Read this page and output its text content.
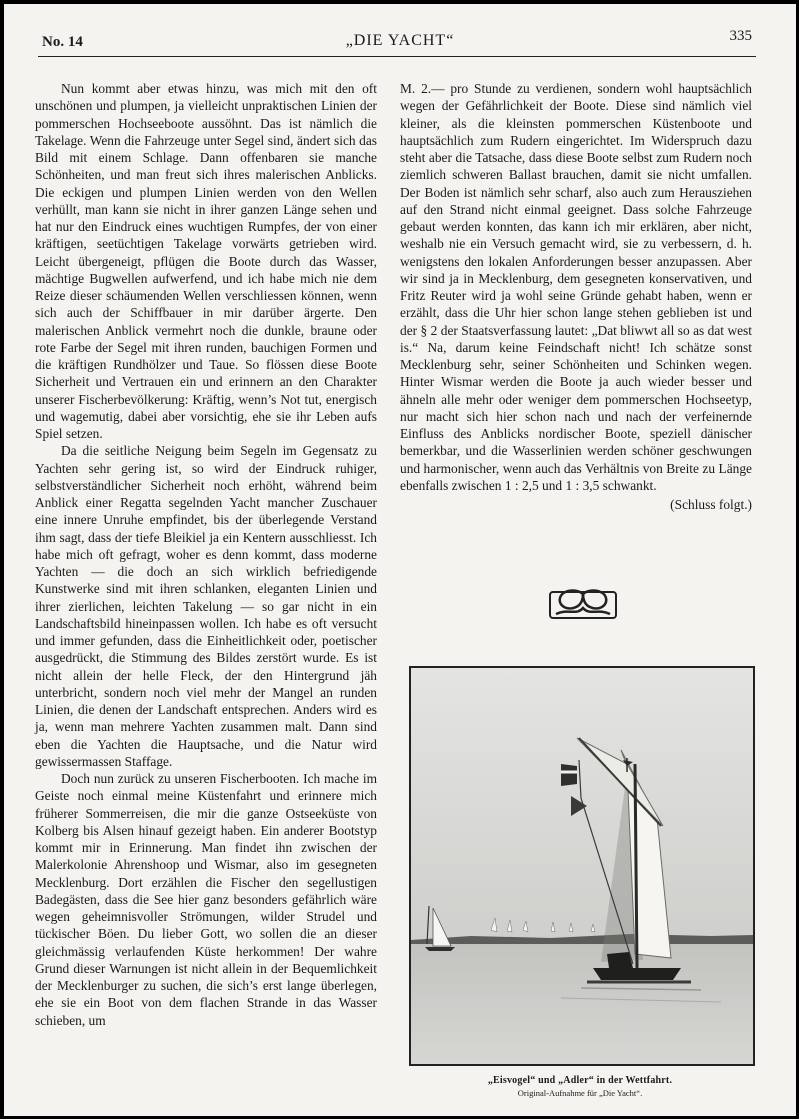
No. 14	„DIE YACHT“	335

Nun kommt aber etwas hinzu, was mich mit den oft unschönen und plumpen, ja vielleicht unpraktischen Linien der pommerschen Hochseeboote aussöhnt. Das ist nämlich die Takelage. Wenn die Fahrzeuge unter Segel sind, ändert sich das Bild mit einem Schlage. Dann offenbaren sie manche Schönheiten, und man freut sich ihres malerischen Anblicks. Die eckigen und plumpen Linien werden von den Wellen verhüllt, man kann sie nicht in ihrer ganzen Länge sehen und hat nur den Eindruck eines wuchtigen Rumpfes, der von einer kräftigen, seetüchtigen Takelage vorwärts getrieben wird. Leicht übergeneigt, pflügen die Boote durch das Wasser, mächtige Bugwellen aufwerfend, und ich habe mich nie dem Reize dieser schäumenden Wellen verschliessen können, wenn sich auch der Schiffbauer in mir darüber ärgerte. Den malerischen Anblick vermehrt noch die dunkle, braune oder rote Farbe der Segel mit ihren runden, bauchigen Formen und die kräftigen Rundhölzer und Taue. So flössen diese Boote Sicherheit und Vertrauen ein und erinnern an den Charakter unserer Fischerbevölkerung: Kräftig, wenn’s Not tut, energisch und wagemutig, dabei aber vorsichtig, ehe sie ihr Leben aufs Spiel setzen.

Da die seitliche Neigung beim Segeln im Gegensatz zu Yachten sehr gering ist, so wird der Eindruck ruhiger, selbstverständlicher Sicherheit noch erhöht, während beim Anblick einer Regatta segelnden Yacht mancher Zuschauer eine innere Unruhe empfindet, bis der überlegende Verstand ihm sagt, dass der tiefe Bleikiel ja ein Kentern ausschliesst. Ich habe mich oft gefragt, woher es denn kommt, dass moderne Yachten — die doch an sich wirklich befriedigende Kunstwerke sind mit ihren schlanken, eleganten Linien und ihrer zierlichen, leichten Takelung — so gar nicht in ein Landschaftsbild hineinpassen wollen. Ich habe es oft versucht und immer gefunden, dass die Einheitlichkeit oder, poetischer ausgedrückt, die Stimmung des Bildes zerstört wurde. Es ist nicht allein der helle Fleck, der den Hintergrund jäh unterbricht, sondern noch viel mehr der Mangel an runden Linien, die denen der Landschaft entsprechen. Anders wird es ja, wenn man mehrere Yachten zusammen malt. Dann sind eben die Yachten die Hauptsache, und die Natur wird gewissermassen Staffage.

Doch nun zurück zu unseren Fischerbooten. Ich mache im Geiste noch einmal meine Küstenfahrt und erinnere mich früherer Sommerreisen, die mir die ganze Ostseeküste von Kolberg bis Alsen hinauf gezeigt haben. Ein anderer Bootstyp kommt mir in Erinnerung. Man findet ihn zwischen der Malerkolonie Ahrenshoop und Wismar, also im gesegneten Mecklenburg. Dort erzählen die Fischer den segellustigen Badegästen, dass die See hier ganz besonders gefährlich wäre wegen geheimnisvoller Strömungen, wilder Strudel und tückischer Böen. Du lieber Gott, wo sollen die an dieser gleichmässig verlaufenden Küste herkommen! Der wahre Grund dieser Warnungen ist nicht allein in der Bequemlichkeit der Mecklenburger zu suchen, die sich’s erst lange überlegen, ehe sie ein Boot von dem flachen Strande in das Wasser schieben, um

M. 2.— pro Stunde zu verdienen, sondern wohl hauptsächlich wegen der Gefährlichkeit der Boote. Diese sind nämlich viel kleiner, als die kleinsten pommerschen Küstenboote und hauptsächlich zum Rudern eingerichtet. Im Widerspruch dazu steht aber die Tatsache, dass diese Boote selbst zum Rudern noch ziemlich schweren Ballast brauchen, damit sie nicht umfallen. Der Boden ist nämlich sehr scharf, also auch zum Herausziehen auf den Strand nicht einmal geeignet. Dass solche Fahrzeuge gebaut werden konnten, das kann ich mir erklären, aber nicht, weshalb nie ein Versuch gemacht wird, sie zu verbessern, d. h. wenigstens den lokalen Anforderungen besser anzupassen. Aber wir sind ja in Mecklenburg, dem gesegneten konservativen, und Fritz Reuter wird ja wohl seine Gründe gehabt haben, wenn er erzählt, dass die Uhr hier schon lange stehen geblieben ist und der § 2 der Staatsverfassung lautet: „Dat bliwwt all so as dat west is.“ Na, darum keine Feindschaft nicht! Ich schätze sonst Mecklenburg sehr, seiner Schönheiten und Schinken wegen. Hinter Wismar werden die Boote ja auch wieder besser und ähneln alle mehr oder weniger dem pommerschen Hochseetyp, nur macht sich hier schon nach und nach der verfeinernde Einfluss des Anblicks nordischer Boote, speziell dänischer bemerkbar, und die Wasserlinien werden schöner geschwungen und harmonischer, wenn auch das Verhältnis von Breite zu Länge ebenfalls zwischen 1 : 2,5 und 1 : 3,5 schwankt.

(Schluss folgt.)

„Eisvogel“ und „Adler“ in der Wettfahrt.
Original-Aufnahme für „Die Yacht“.
